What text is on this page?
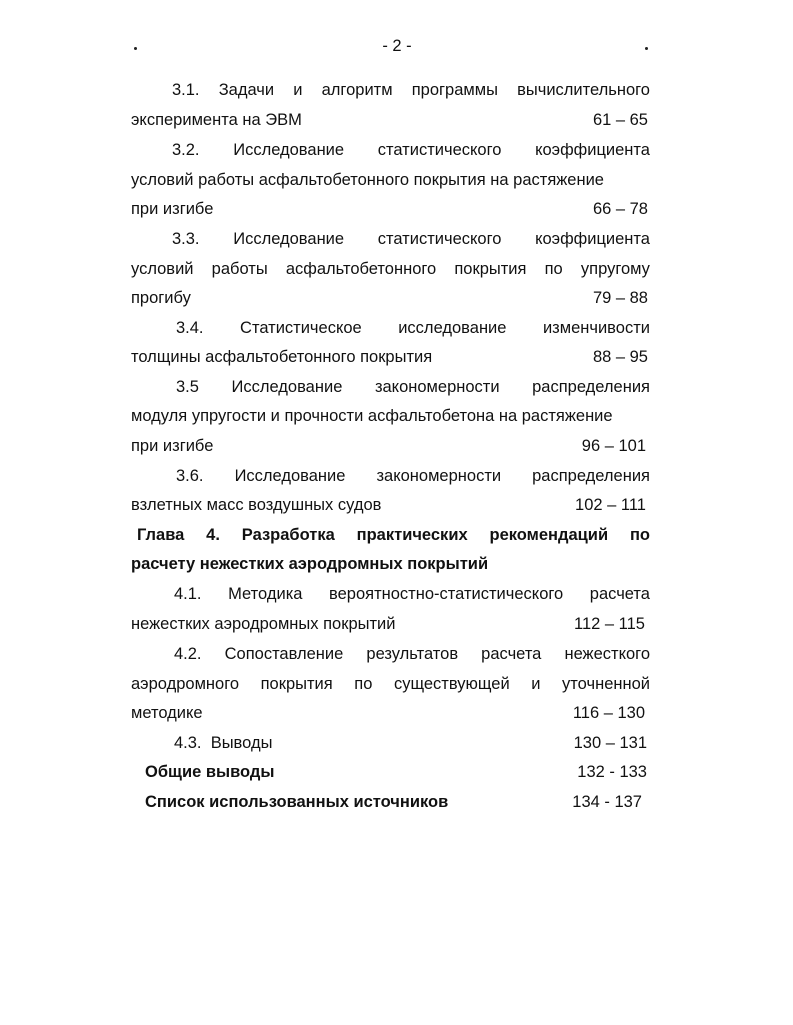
- 2 -
3.1. Задачи и алгоритм программы вычислительного
эксперимента на ЭВМ	61 – 65
3.2. Исследование статистического коэффициента
условий работы асфальтобетонного покрытия на растяжение
при изгибе	66 – 78
3.3. Исследование статистического коэффициента
условий работы асфальтобетонного покрытия по упругому
прогибу	79 – 88
3.4. Статистическое исследование изменчивости
толщины асфальтобетонного покрытия	88 – 95
3.5 Исследование закономерности распределения
модуля упругости и прочности асфальтобетона на растяжение
при изгибе	96 – 101
3.6. Исследование закономерности распределения
взлетных масс воздушных судов	102 – 111
Глава 4. Разработка практических рекомендаций по
расчету нежестких аэродромных покрытий
4.1. Методика вероятностно-статистического расчета
нежестких аэродромных покрытий	112 – 115
4.2. Сопоставление результатов расчета нежесткого
аэродромного покрытия по существующей и уточненной
методике	116 – 130
4.3.  Выводы	130 – 131
Общие выводы	132 - 133
Список использованных источников	134 - 137
